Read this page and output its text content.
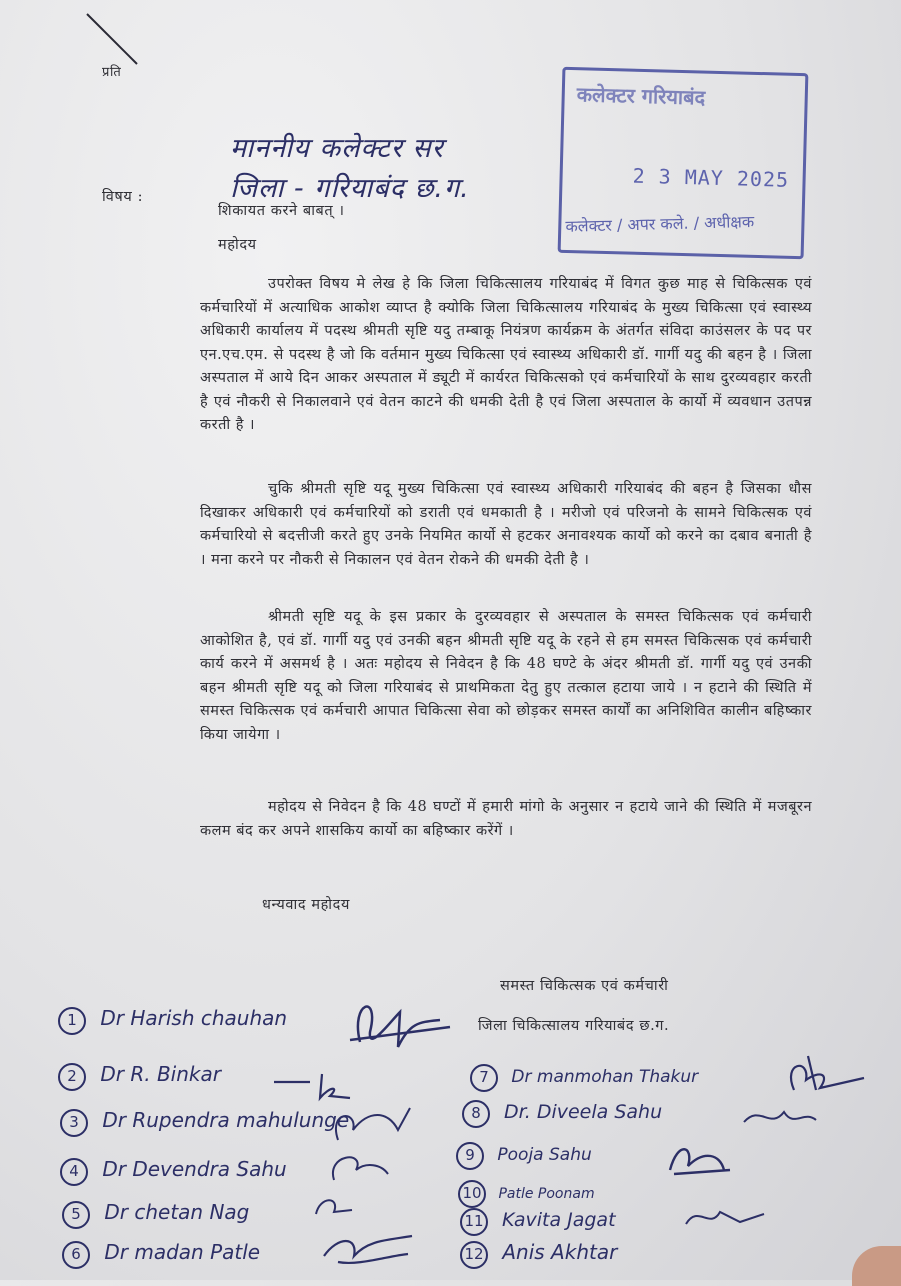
प्रति
माननीय कलेक्टर सर
जिला - गरियाबंद छ.ग.
विषय :
शिकायत करने बाबत् ।
महोदय
कलेक्टर गरियाबंद
2 3 MAY 2025
कलेक्टर / अपर कले. / अधीक्षक
उपरोक्त विषय मे लेख हे कि जिला चिकित्सालय गरियाबंद में विगत कुछ माह से चिकित्सक एवं कर्मचारियों में अत्याधिक आकोश व्याप्त है क्योकि जिला चिकित्सालय गरियाबंद के मुख्य चिकित्सा एवं स्वास्थ्य अधिकारी कार्यालय में पदस्थ श्रीमती सृष्टि यदु तम्बाकू नियंत्रण कार्यक्रम के अंतर्गत संविदा काउंसलर के पद पर एन.एच.एम. से पदस्थ है जो कि वर्तमान मुख्य चिकित्सा एवं स्वास्थ्य अधिकारी डॉ. गार्गी यदु की बहन है । जिला अस्पताल में आये दिन आकर अस्पताल में ड्यूटी में कार्यरत चिकित्सको एवं कर्मचारियों के साथ दुरव्यवहार करती है एवं नौकरी से निकालवाने एवं वेतन काटने की धमकी देती है एवं जिला अस्पताल के कार्यो में व्यवधान उतपन्न करती है ।
चुकि श्रीमती सृष्टि यदू मुख्य चिकित्सा एवं स्वास्थ्य अधिकारी गरियाबंद की बहन है जिसका धौस दिखाकर अधिकारी एवं कर्मचारियों को डराती एवं धमकाती है । मरीजो एवं परिजनो के सामने चिकित्सक एवं कर्मचारियो से बदत्तीजी करते हुए उनके नियमित कार्यो से हटकर अनावश्यक कार्यो को करने का दबाव बनाती है । मना करने पर नौकरी से निकालन एवं वेतन रोकने की धमकी देती है ।
श्रीमती सृष्टि यदू के इस प्रकार के दुरव्यवहार से अस्पताल के समस्त चिकित्सक एवं कर्मचारी आकोशित है, एवं डॉ. गार्गी यदु एवं उनकी बहन श्रीमती सृष्टि यदू के रहने से हम समस्त चिकित्सक एवं कर्मचारी कार्य करने में असमर्थ है । अतः महोदय से निवेदन है कि 48 घण्टे के अंदर श्रीमती डॉ. गार्गी यदु एवं उनकी बहन श्रीमती सृष्टि यदू को जिला गरियाबंद से प्राथमिकता देतु हुए तत्काल हटाया जाये । न हटाने की स्थिति में समस्त चिकित्सक एवं कर्मचारी आपात चिकित्सा सेवा को छोड़कर समस्त कार्यों का अनिशिवित कालीन बहिष्कार किया जायेगा ।
महोदय से निवेदन है कि 48 घण्टों में हमारी मांगो के अनुसार न हटाये जाने की स्थिति में मजबूरन कलम बंद कर अपने शासकिय कार्यो का बहिष्कार करेंगें ।
धन्यवाद महोदय
समस्त चिकित्सक एवं कर्मचारी
जिला चिकित्सालय गरियाबंद छ.ग.
1 Dr Harish chauhan
2 Dr R. Binkar
3 Dr Rupendra mahulunge
4 Dr Devendra Sahu
5 Dr chetan Nag
6 Dr madan Patle
7 Dr manmohan Thakur
8 Dr. Diveela Sahu
9 Pooja Sahu
10 Patle Poonam
11 Kavita Jagat
12 Anis Akhtar
